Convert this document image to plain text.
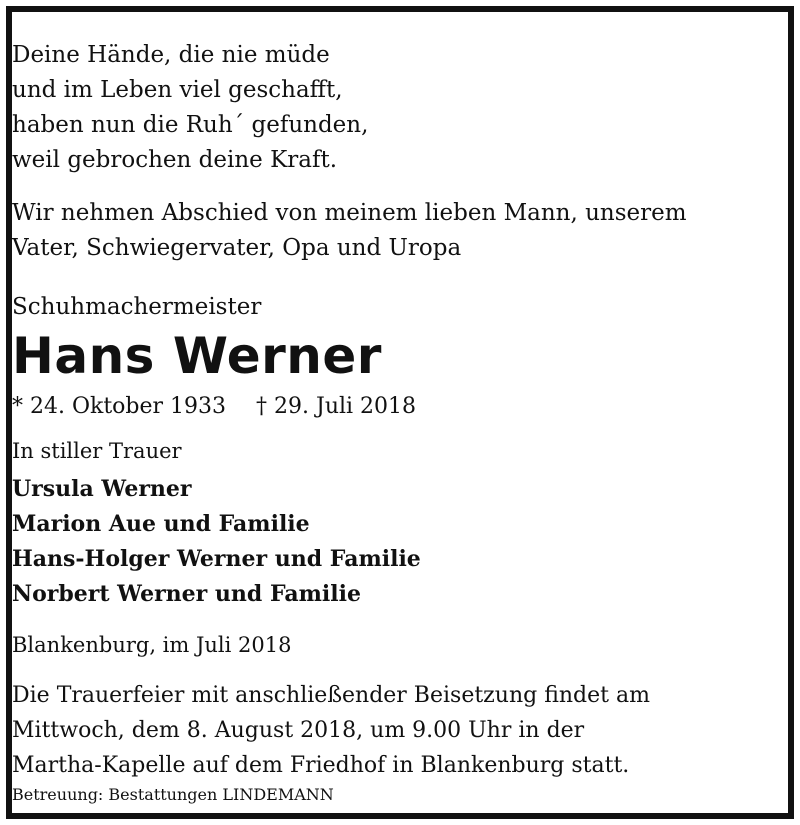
Deine Hände, die nie müde
und im Leben viel geschafft,
haben nun die Ruh´ gefunden,
weil gebrochen deine Kraft.
Wir nehmen Abschied von meinem lieben Mann, unserem
Vater, Schwiegervater, Opa und Uropa
Schuhmachermeister
Hans Werner
* 24. Oktober 1933 † 29. Juli 2018
In stiller Trauer
Ursula Werner
Marion Aue und Familie
Hans-Holger Werner und Familie
Norbert Werner und Familie
Blankenburg, im Juli 2018
Die Trauerfeier mit anschließender Beisetzung findet am
Mittwoch, dem 8. August 2018, um 9.00 Uhr in der
Martha-Kapelle auf dem Friedhof in Blankenburg statt.
Betreuung: Bestattungen LINDEMANN
